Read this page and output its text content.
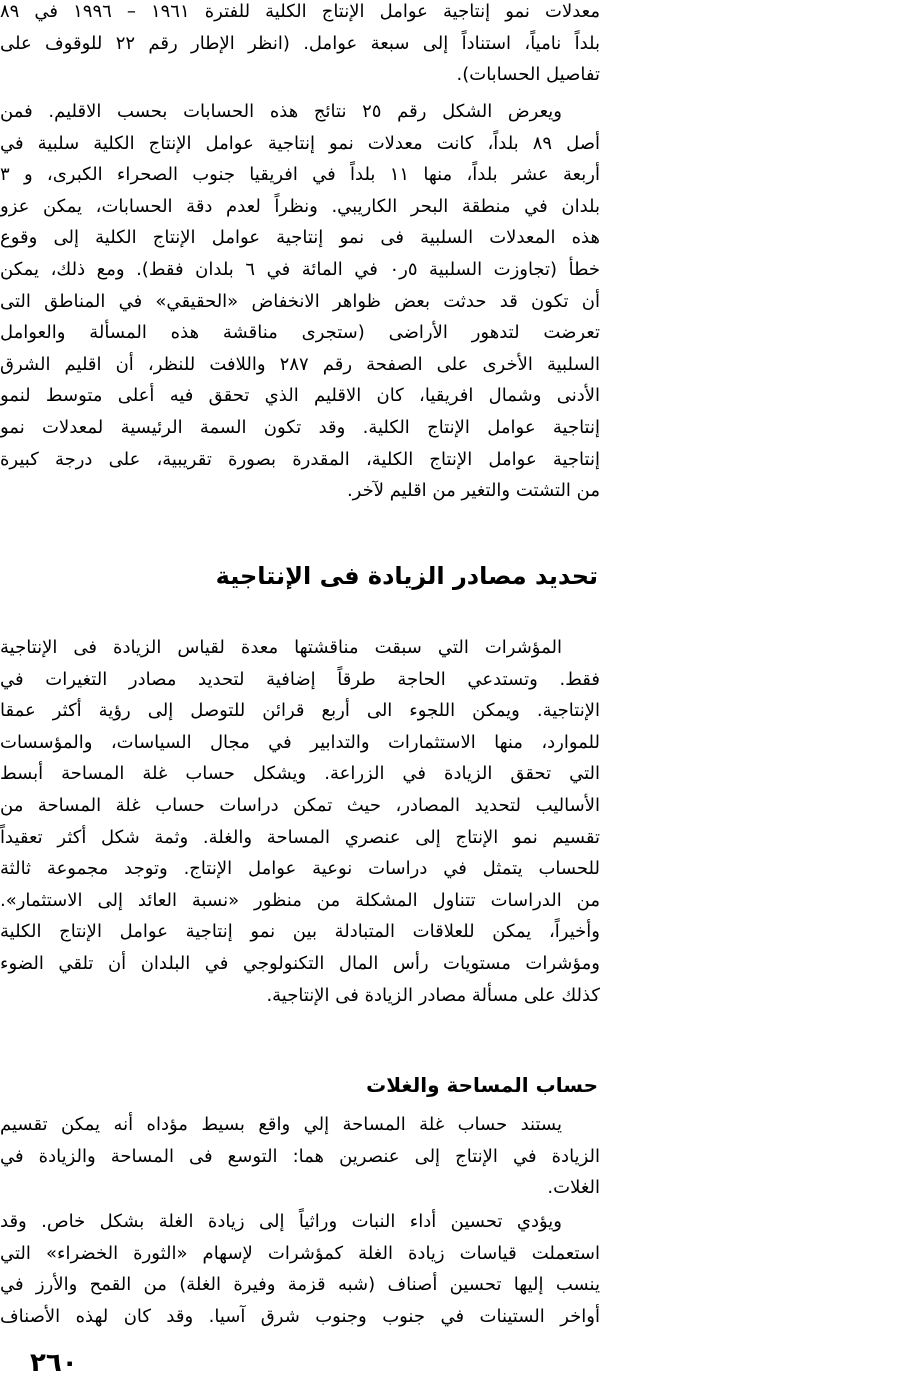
معدلات نمو إنتاجية عوامل الإنتاج الكلية للفترة ١٩٦١ – ١٩٩٦ في ٨٩
بلداً نامياً، استناداً إلى سبعة عوامل. (انظر الإطار رقم ٢٢ للوقوف على
تفاصيل الحسابات).
ويعرض الشكل رقم ٢٥ نتائج هذه الحسابات بحسب الاقليم. فمن
أصل ٨٩ بلداً، كانت معدلات نمو إنتاجية عوامل الإنتاج الكلية سلبية في
أربعة عشر بلداً، منها ١١ بلداً في افريقيا جنوب الصحراء الكبرى، و ٣
بلدان في منطقة البحر الكاريبي. ونظراً لعدم دقة الحسابات، يمكن عزو
هذه المعدلات السلبية فى نمو إنتاجية عوامل الإنتاج الكلية إلى وقوع
خطأ (تجاوزت السلبية ٥ر٠ في المائة في ٦ بلدان فقط). ومع ذلك، يمكن
أن تكون قد حدثت بعض ظواهر الانخفاض «الحقيقي» في المناطق التى
تعرضت لتدهور الأراضى (ستجرى مناقشة هذه المسألة والعوامل
السلبية الأخرى على الصفحة رقم ٢٨٧ واللافت للنظر، أن اقليم الشرق
الأدنى وشمال افريقيا، كان الاقليم الذي تحقق فيه أعلى متوسط لنمو
إنتاجية عوامل الإنتاج الكلية. وقد تكون السمة الرئيسية لمعدلات نمو
إنتاجية عوامل الإنتاج الكلية، المقدرة بصورة تقريبية، على درجة كبيرة
من التشتت والتغير من اقليم لآخر.
تحديد مصادر الزيادة فى الإنتاجية
المؤشرات التي سبقت مناقشتها معدة لقياس الزيادة فى الإنتاجية
فقط. وتستدعي الحاجة طرقاً إضافية لتحديد مصادر التغيرات في
الإنتاجية. ويمكن اللجوء الى أربع قرائن للتوصل إلى رؤية أكثر عمقا
للموارد، منها الاستثمارات والتدابير في مجال السياسات، والمؤسسات
التي تحقق الزيادة في الزراعة. ويشكل حساب غلة المساحة أبسط
الأساليب لتحديد المصادر، حيث تمكن دراسات حساب غلة المساحة من
تقسيم نمو الإنتاج إلى عنصري المساحة والغلة. وثمة شكل أكثر تعقيداً
للحساب يتمثل في دراسات نوعية عوامل الإنتاج. وتوجد مجموعة ثالثة
من الدراسات تتناول المشكلة من منظور «نسبة العائد إلى الاستثمار».
وأخيراً، يمكن للعلاقات المتبادلة بين نمو إنتاجية عوامل الإنتاج الكلية
ومؤشرات مستويات رأس المال التكنولوجي في البلدان أن تلقي الضوء
كذلك على مسألة مصادر الزيادة فى الإنتاجية.
حساب المساحة والغلات
يستند حساب غلة المساحة إلي واقع بسيط مؤداه أنه يمكن تقسيم
الزيادة في الإنتاج إلى عنصرين هما: التوسع فى المساحة والزيادة في
الغلات.
ويؤدي تحسين أداء النبات وراثياً إلى زيادة الغلة بشكل خاص. وقد
استعملت قياسات زيادة الغلة كمؤشرات لإسهام «الثورة الخضراء» التي
ينسب إليها تحسين أصناف (شبه قزمة وفيرة الغلة) من القمح والأرز في
أواخر الستينات في جنوب وجنوب شرق آسيا. وقد كان لهذه الأصناف
٢٦٠
